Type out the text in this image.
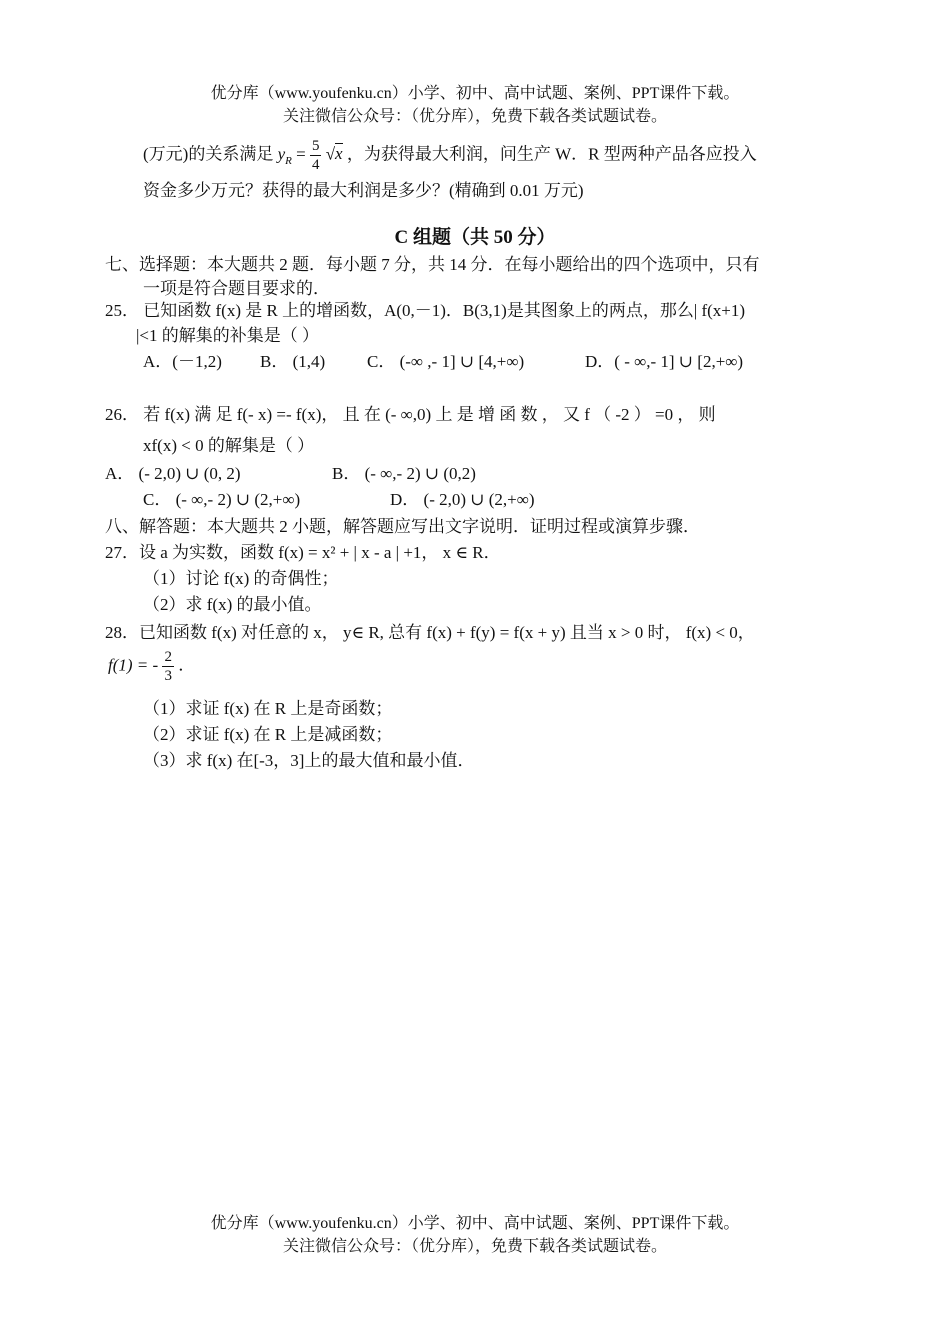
优分库（www.youfenku.cn）小学、初中、高中试题、案例、PPT课件下载。
关注微信公众号：（优分库），免费下载各类试题试卷。
(万元)的关系满足 $y_R = \frac{5}{4} √x$ ，为获得最大利润，问生产 W．R 型两种产品各应投入
资金多少万元？获得的最大利润是多少？(精确到 0.01 万元)
C 组题（共 50 分）
七、选择题：本大题共 2 题．每小题 7 分，共 14 分．在每小题给出的四个选项中，只有
一项是符合题目要求的．
25． 已知函数 f(x) 是 R 上的增函数，A(0,－1)．B(3,1)是其图象上的两点，那么| f(x+1)
|<1 的解集的补集是（ ）
A．(－1,2) B． (1,4) C． (-∞ ,- 1] ∪ [4,+∞)	D．( - ∞,- 1] ∪ [2,+∞)
26． 若 f(x) 满 足 f(- x) =- f(x)， 且 在 (- ∞,0) 上 是 增 函 数 ， 又 f （ -2 ） =0 ， 则
xf(x) < 0 的解集是（ ）
A． (- 2,0) ∪ (0, 2)	B． (- ∞,- 2) ∪ (0,2)
C． (- ∞,- 2) ∪ (2,+∞)	D． (- 2,0) ∪ (2,+∞)
八、解答题：本大题共 2 小题，解答题应写出文字说明．证明过程或演算步骤．
27．设 a 为实数，函数 f(x) = x² + | x - a | +1， x ∈ R．
（1）讨论 f(x) 的奇偶性；
（2）求 f(x) 的最小值。
28．已知函数 f(x) 对任意的 x， y∈ R, 总有 f(x) + f(y) = f(x + y) 且当 x > 0 时， f(x) < 0，
f(1) = - $\frac{2}{3}$ ．
（1）求证 f(x) 在 R 上是奇函数；
（2）求证 f(x) 在 R 上是减函数；
（3）求 f(x) 在[-3，3]上的最大值和最小值．
优分库（www.youfenku.cn）小学、初中、高中试题、案例、PPT课件下载。
关注微信公众号：（优分库），免费下载各类试题试卷。
